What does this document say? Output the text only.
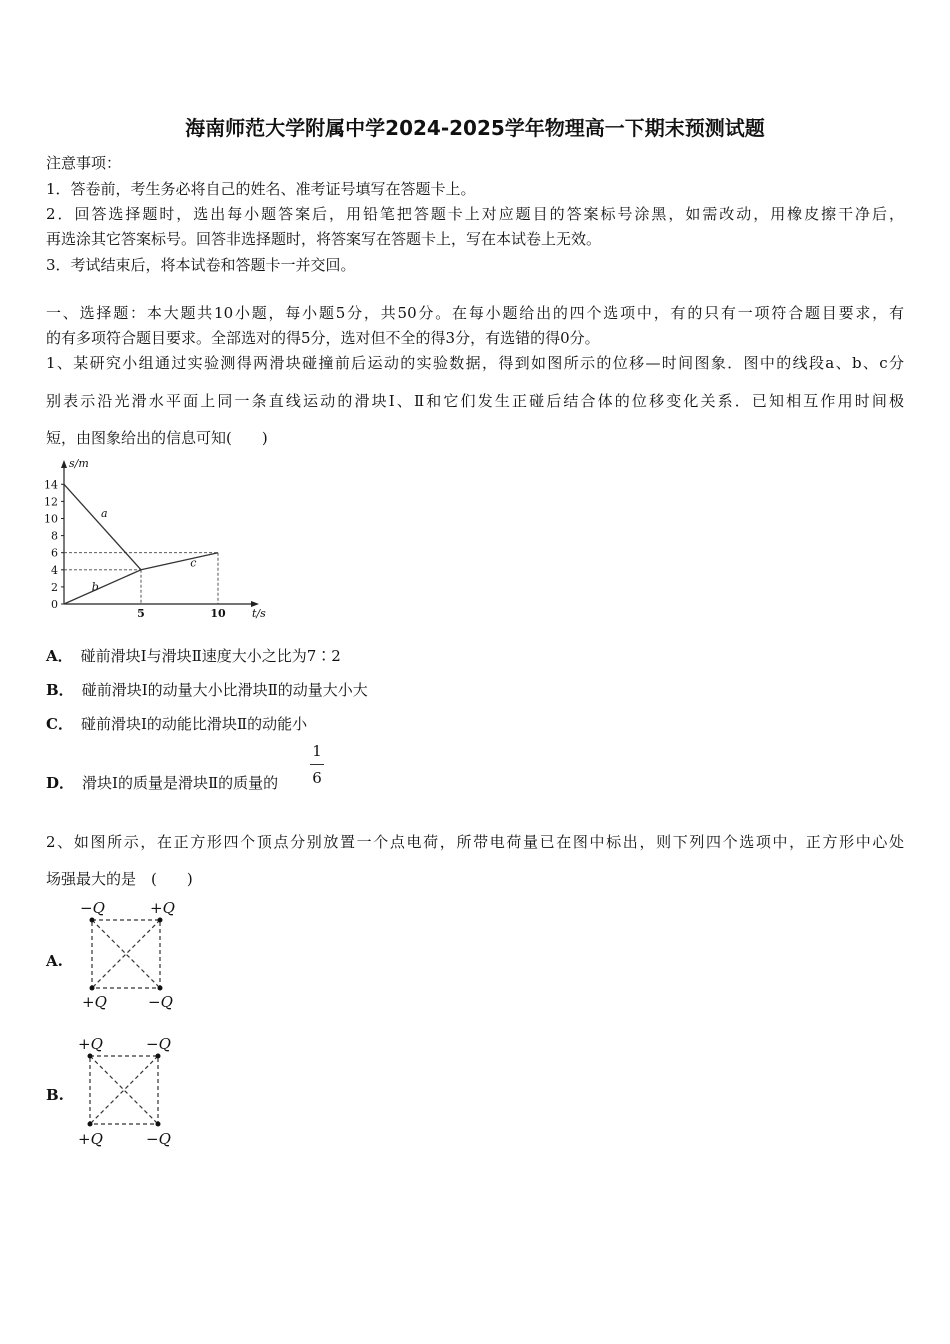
海南师范大学附属中学2024-2025学年物理高一下期末预测试题
注意事项：
1．答卷前，考生务必将自己的姓名、准考证号填写在答题卡上。
2．回答选择题时，选出每小题答案后，用铅笔把答题卡上对应题目的答案标号涂黑，如需改动，用橡皮擦干净后，
再选涂其它答案标号。回答非选择题时，将答案写在答题卡上，写在本试卷上无效。
3．考试结束后，将本试卷和答题卡一并交回。
一、选择题：本大题共10小题，每小题5分，共50分。在每小题给出的四个选项中，有的只有一项符合题目要求，有
的有多项符合题目要求。全部选对的得5分，选对但不全的得3分，有选错的得0分。
1、某研究小组通过实验测得两滑块碰撞前后运动的实验数据，得到如图所示的位移—时间图象．图中的线段a、b、c分
别表示沿光滑水平面上同一条直线运动的滑块Ⅰ、Ⅱ和它们发生正碰后结合体的位移变化关系．已知相互作用时间极
短，由图象给出的信息可知(　　)
s/m
t/s
14
12
10
8
6
4
2
0
5	10
a
b
c
A． 碰前滑块Ⅰ与滑块Ⅱ速度大小之比为7∶2
B． 碰前滑块Ⅰ的动量大小比滑块Ⅱ的动量大小大
C． 碰前滑块Ⅰ的动能比滑块Ⅱ的动能小
D． 滑块Ⅰ的质量是滑块Ⅱ的质量的
1
6
2、如图所示，在正方形四个顶点分别放置一个点电荷，所带电荷量已在图中标出，则下列四个选项中，正方形中心处
场强最大的是　(　　)
A.
−Q	+Q
+Q	−Q
B.
+Q	−Q
+Q	−Q
